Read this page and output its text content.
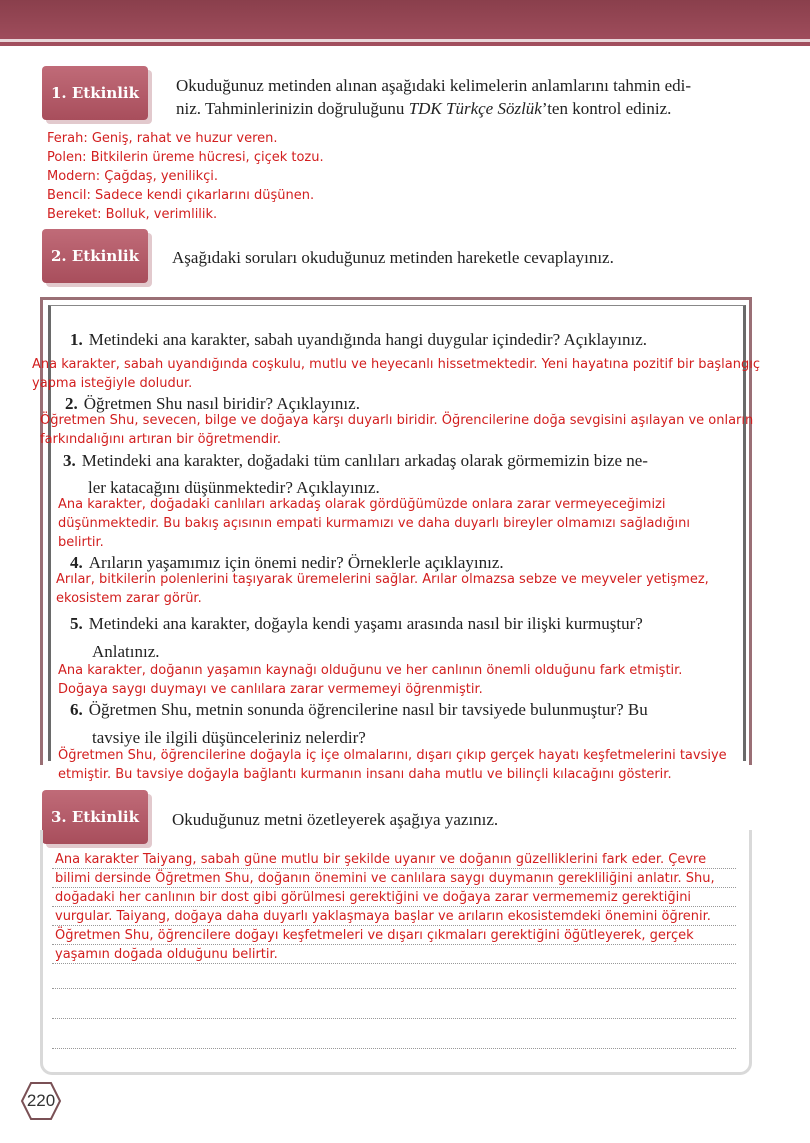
1. Etkinlik Okuduğunuz metinden alınan aşağıdaki kelimelerin anlamlarını tahmin edi-
niz. Tahminlerinizin doğruluğunu TDK Türkçe Sözlük’ten kontrol ediniz.
Ferah: Geniş, rahat ve huzur veren.
Polen: Bitkilerin üreme hücresi, çiçek tozu.
Modern: Çağdaş, yenilikçi.
Bencil: Sadece kendi çıkarlarını düşünen.
Bereket: Bolluk, verimlilik.
2. Etkinlik Aşağıdaki soruları okuduğunuz metinden hareketle cevaplayınız.
1. Metindeki ana karakter, sabah uyandığında hangi duygular içindedir? Açıklayınız.
Ana karakter, sabah uyandığında coşkulu, mutlu ve heyecanlı hissetmektedir. Yeni hayatına pozitif bir başlangıç
yapma isteğiyle doludur.
2. Öğretmen Shu nasıl biridir? Açıklayınız.
Öğretmen Shu, sevecen, bilge ve doğaya karşı duyarlı biridir. Öğrencilerine doğa sevgisini aşılayan ve onların
farkındalığını artıran bir öğretmendir.
3. Metindeki ana karakter, doğadaki tüm canlıları arkadaş olarak görmemizin bize ne-
ler katacağını düşünmektedir? Açıklayınız.
Ana karakter, doğadaki canlıları arkadaş olarak gördüğümüzde onlara zarar vermeyeceğimizi
düşünmektedir. Bu bakış açısının empati kurmamızı ve daha duyarlı bireyler olmamızı sağladığını
belirtir.
4. Arıların yaşamımız için önemi nedir? Örneklerle açıklayınız.
Arılar, bitkilerin polenlerini taşıyarak üremelerini sağlar. Arılar olmazsa sebze ve meyveler yetişmez,
ekosistem zarar görür.
5. Metindeki ana karakter, doğayla kendi yaşamı arasında nasıl bir ilişki kurmuştur?
Anlatınız.
Ana karakter, doğanın yaşamın kaynağı olduğunu ve her canlının önemli olduğunu fark etmiştir.
Doğaya saygı duymayı ve canlılara zarar vermemeyi öğrenmiştir.
6. Öğretmen Shu, metnin sonunda öğrencilerine nasıl bir tavsiyede bulunmuştur? Bu
tavsiye ile ilgili düşünceleriniz nelerdir?
Öğretmen Shu, öğrencilerine doğayla iç içe olmalarını, dışarı çıkıp gerçek hayatı keşfetmelerini tavsiye
etmiştir. Bu tavsiye doğayla bağlantı kurmanın insanı daha mutlu ve bilinçli kılacağını gösterir.
3. Etkinlik Okuduğunuz metni özetleyerek aşağıya yazınız.
Ana karakter Taiyang, sabah güne mutlu bir şekilde uyanır ve doğanın güzelliklerini fark eder. Çevre
bilimi dersinde Öğretmen Shu, doğanın önemini ve canlılara saygı duymanın gerekliliğini anlatır. Shu,
doğadaki her canlının bir dost gibi görülmesi gerektiğini ve doğaya zarar vermememiz gerektiğini
vurgular. Taiyang, doğaya daha duyarlı yaklaşmaya başlar ve arıların ekosistemdeki önemini öğrenir.
Öğretmen Shu, öğrencilere doğayı keşfetmeleri ve dışarı çıkmaları gerektiğini öğütleyerek, gerçek
yaşamın doğada olduğunu belirtir.
220
